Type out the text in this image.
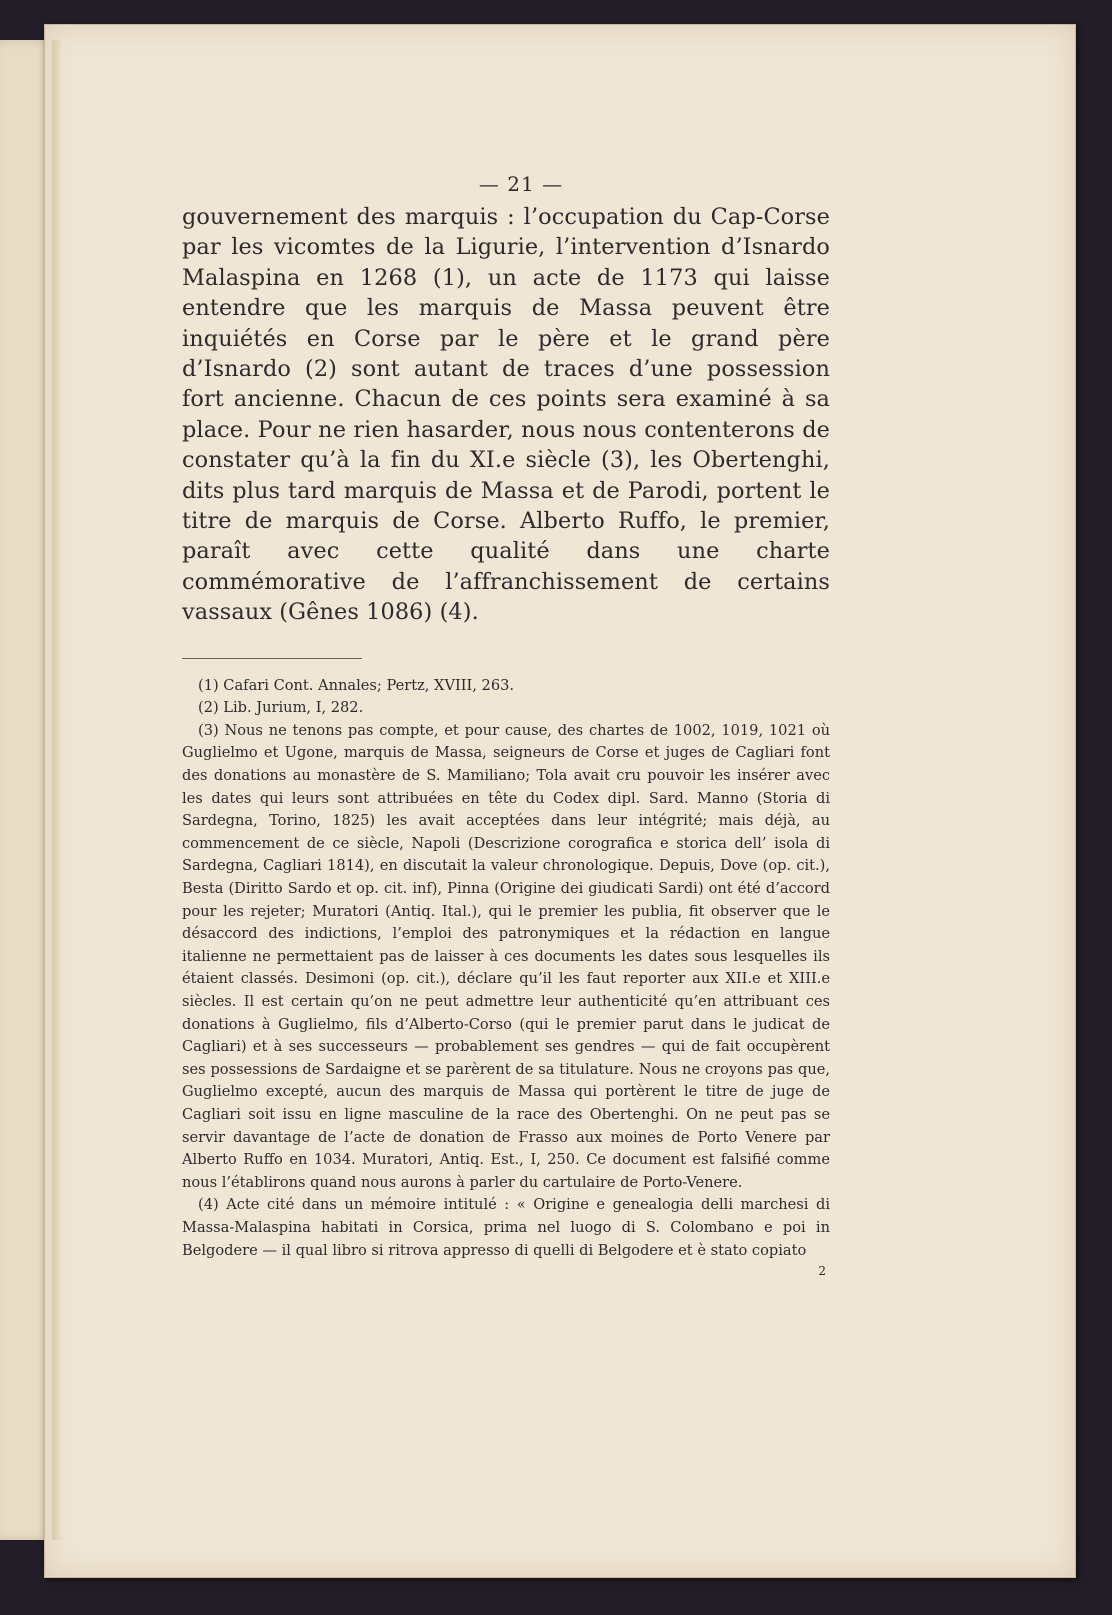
— 21 —

gouvernement des marquis : l’occupation du Cap-Corse par les vicomtes de la Ligurie, l’intervention d’Isnardo Malaspina en 1268 (1), un acte de 1173 qui laisse entendre que les marquis de Massa peuvent être inquiétés en Corse par le père et le grand père d’Isnardo (2) sont autant de traces d’une possession fort ancienne. Chacun de ces points sera examiné à sa place. Pour ne rien hasarder, nous nous contenterons de constater qu’à la fin du XI.e siècle (3), les Obertenghi, dits plus tard marquis de Massa et de Parodi, portent le titre de marquis de Corse. Alberto Ruffo, le premier, paraît avec cette qualité dans une charte commémorative de l’affranchissement de certains vassaux (Gênes 1086) (4).

(1) Cafari Cont. Annales; Pertz, XVIII, 263.

(2) Lib. Jurium, I, 282.

(3) Nous ne tenons pas compte, et pour cause, des chartes de 1002, 1019, 1021 où Guglielmo et Ugone, marquis de Massa, seigneurs de Corse et juges de Cagliari font des donations au monastère de S. Mamiliano; Tola avait cru pouvoir les insérer avec les dates qui leurs sont attribuées en tête du Codex dipl. Sard. Manno (Storia di Sardegna, Torino, 1825) les avait acceptées dans leur intégrité; mais déjà, au commencement de ce siècle, Napoli (Descrizione corografica e storica dell’ isola di Sardegna, Cagliari 1814), en discutait la valeur chronologique. Depuis, Dove (op. cit.), Besta (Diritto Sardo et op. cit. inf), Pinna (Origine dei giudicati Sardi) ont été d’accord pour les rejeter; Muratori (Antiq. Ital.), qui le premier les publia, fit observer que le désaccord des indictions, l’emploi des patronymiques et la rédaction en langue italienne ne permettaient pas de laisser à ces documents les dates sous lesquelles ils étaient classés. Desimoni (op. cit.), déclare qu’il les faut reporter aux XII.e et XIII.e siècles. Il est certain qu’on ne peut admettre leur authenticité qu’en attribuant ces donations à Guglielmo, fils d’Alberto-Corso (qui le premier parut dans le judicat de Cagliari) et à ses successeurs — probablement ses gendres — qui de fait occupèrent ses possessions de Sardaigne et se parèrent de sa titulature. Nous ne croyons pas que, Guglielmo excepté, aucun des marquis de Massa qui portèrent le titre de juge de Cagliari soit issu en ligne masculine de la race des Obertenghi. On ne peut pas se servir davantage de l’acte de donation de Frasso aux moines de Porto Venere par Alberto Ruffo en 1034. Muratori, Antiq. Est., I, 250. Ce document est falsifié comme nous l’établirons quand nous aurons à parler du cartulaire de Porto-Venere.

(4) Acte cité dans un mémoire intitulé : « Origine e genealogia delli marchesi di Massa-Malaspina habitati in Corsica, prima nel luogo di S. Colombano e poi in Belgodere — il qual libro si ritrova appresso di quelli di Belgodere et è stato copiato

2
